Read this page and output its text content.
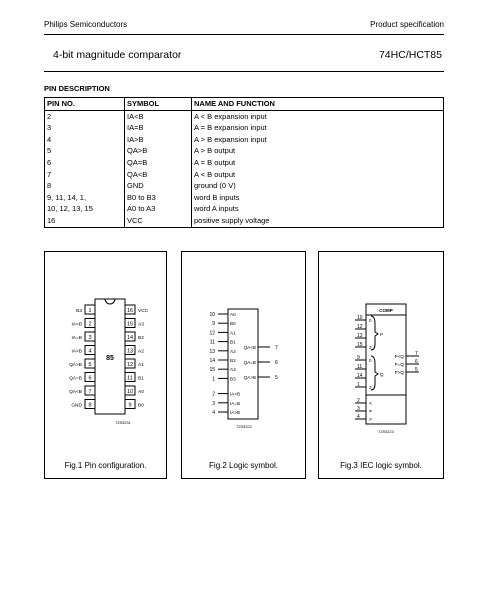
Philips Semiconductors	Product specification
4-bit magnitude comparator	74HC/HCT85
PIN DESCRIPTION
PIN NO.	SYMBOL	NAME AND FUNCTION
2	IA<B	A < B expansion input
3	IA=B	A = B expansion input
4	IA>B	A > B expansion input
5	QA>B	A > B output
6	QA=B	A = B output
7	QA<B	A < B output
8	GND	ground (0 V)
9, 11, 14, 1,	B0 to B3	word B inputs
10, 12, 13, 15	A0 to A3	word A inputs
16	VCC	positive supply voltage
85
1
B3
2
IA<B
3
IA=B
4
IA>B
5
QA>B
6
QA=B
7
QA<B
8
GND
16 VCC
15 A3
14 B2
13 A2
12 A1
11 B1
10 A0
9 B0
7Z93231
Fig.1 Pin configuration.
10	A0
9	B0
12	A1
11	B1
13	A2
14	B2
15	A3
1	B3
2	IA<B
3	IA=B
4	IA>B
QA<B	7
QA=B	6
QA>B	5
7Z93222
Fig.2 Logic symbol.
COMP
10
12
13
15
0
3
P
9
11
14
1
0
3
Q
2 <
3 =
4 >
P<Q 7
P=Q 6
P>Q 5
7Z93223
Fig.3 IEC logic symbol.
